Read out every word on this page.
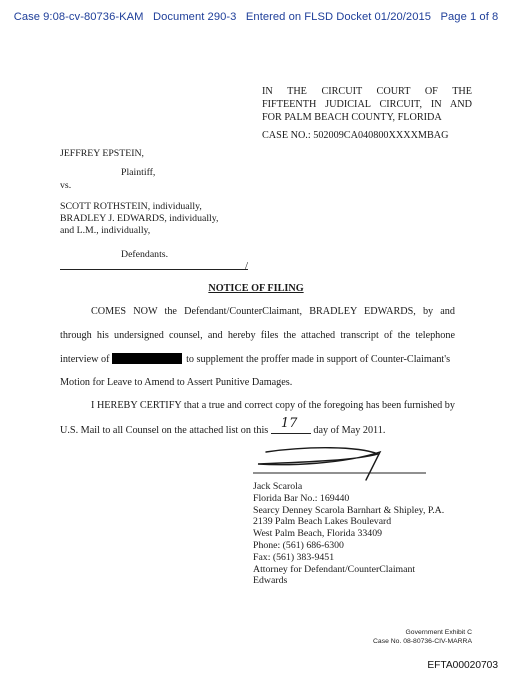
Case 9:08-cv-80736-KAM Document 290-3 Entered on FLSD Docket 01/20/2015 Page 1 of 8
IN THE CIRCUIT COURT OF THE
FIFTEENTH JUDICIAL CIRCUIT, IN AND
FOR PALM BEACH COUNTY, FLORIDA
CASE NO.: 502009CA040800XXXXMBAG
JEFFREY EPSTEIN,
Plaintiff,
vs.
SCOTT ROTHSTEIN, individually,
BRADLEY J. EDWARDS, individually,
and L.M., individually,
Defendants.
/
NOTICE OF FILING
COMES NOW the Defendant/CounterClaimant, BRADLEY EDWARDS, by and
through his undersigned counsel, and hereby files the attached transcript of the telephone
interview of	to supplement the proffer made in support of Counter-Claimant's
Motion for Leave to Amend to Assert Punitive Damages.
I HEREBY CERTIFY that a true and correct copy of the foregoing has been furnished by
U.S. Mail to all Counsel on the attached list on this 17 day of May 2011.
Jack Scarola
Florida Bar No.: 169440
Searcy Denney Scarola Barnhart & Shipley, P.A.
2139 Palm Beach Lakes Boulevard
West Palm Beach, Florida 33409
Phone: (561) 686-6300
Fax: (561) 383-9451
Attorney for Defendant/CounterClaimant
Edwards
Government Exhibit C
Case No. 08-80736-CIV-MARRA
EFTA00020703
